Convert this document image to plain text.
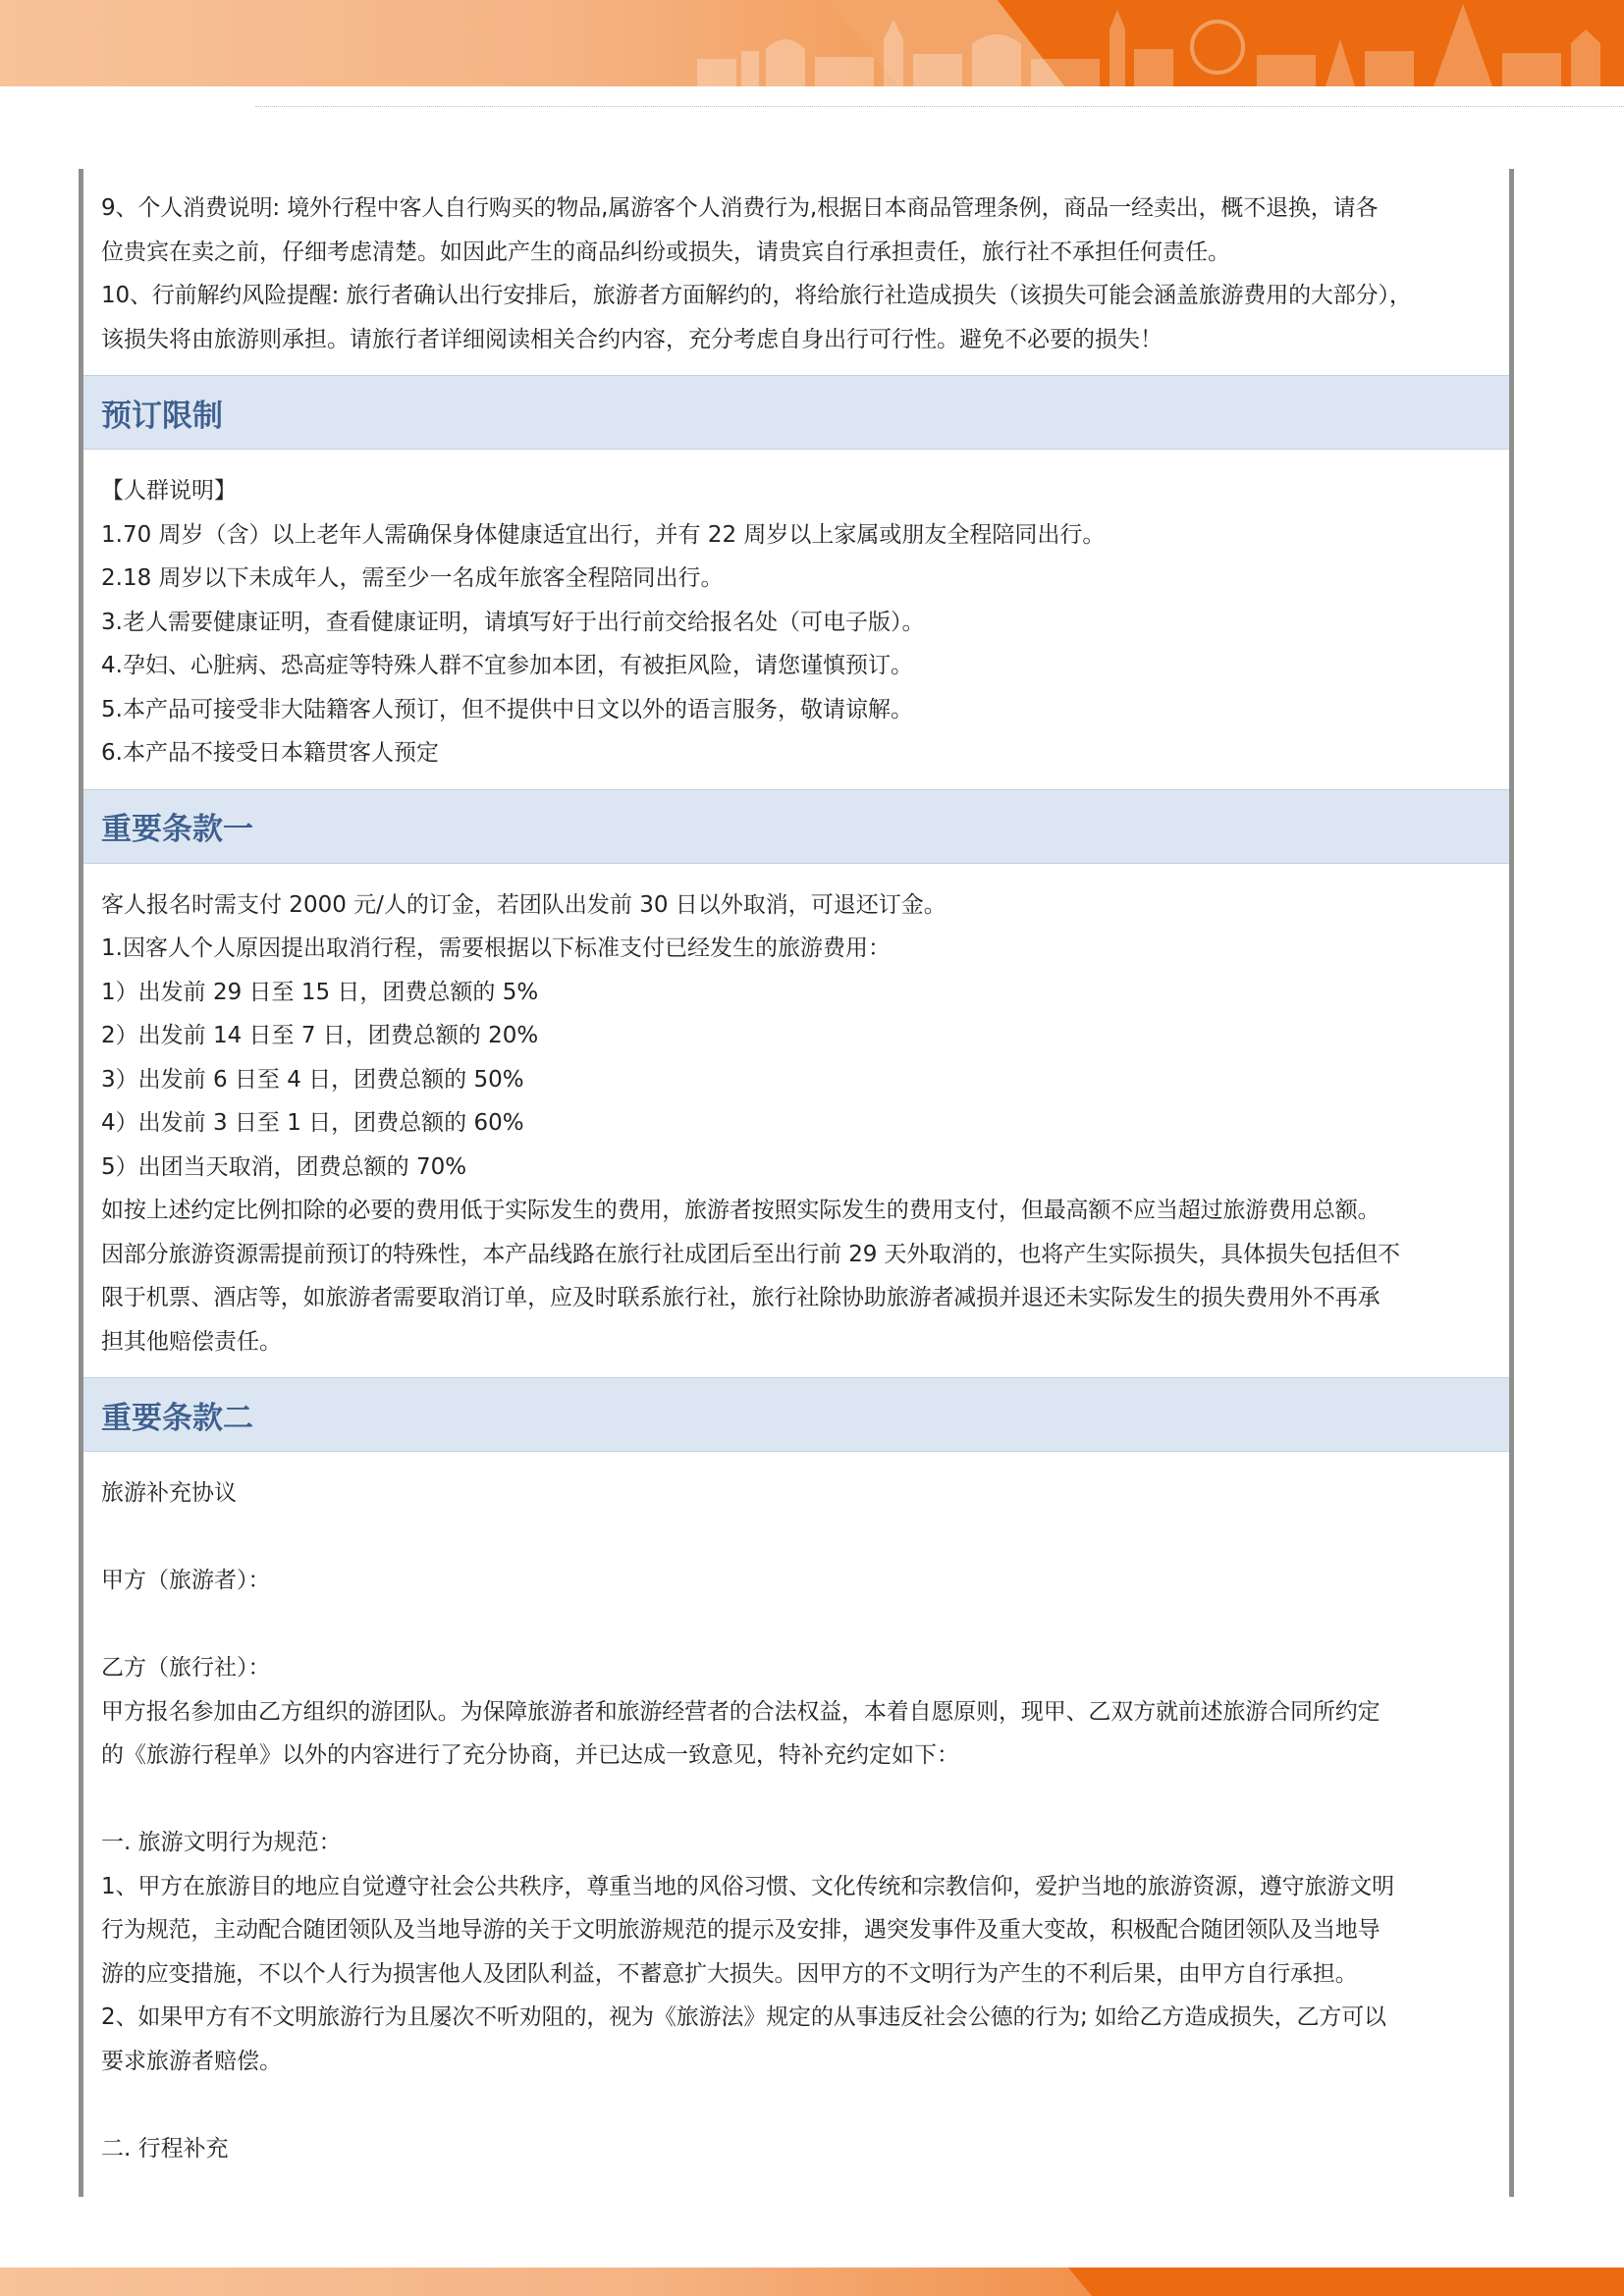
9、个人消费说明: 境外行程中客人自行购买的物品,属游客个人消费行为,根据日本商品管理条例，商品一经卖出，概不退换，请各
位贵宾在卖之前，仔细考虑清楚。如因此产生的商品纠纷或损失，请贵宾自行承担责任，旅行社不承担任何责任。
10、行前解约风险提醒: 旅行者确认出行安排后，旅游者方面解约的，将给旅行社造成损失（该损失可能会涵盖旅游费用的大部分），
该损失将由旅游则承担。请旅行者详细阅读相关合约内容，充分考虑自身出行可行性。避免不必要的损失！
预订限制
【人群说明】
1.70 周岁（含）以上老年人需确保身体健康适宜出行，并有 22 周岁以上家属或朋友全程陪同出行。
2.18 周岁以下未成年人，需至少一名成年旅客全程陪同出行。
3.老人需要健康证明，查看健康证明，请填写好于出行前交给报名处（可电子版）。
4.孕妇、心脏病、恐高症等特殊人群不宜参加本团，有被拒风险，请您谨慎预订。
5.本产品可接受非大陆籍客人预订，但不提供中日文以外的语言服务，敬请谅解。
6.本产品不接受日本籍贯客人预定
重要条款一
客人报名时需支付 2000 元/人的订金，若团队出发前 30 日以外取消，可退还订金。
1.因客人个人原因提出取消行程，需要根据以下标准支付已经发生的旅游费用：
1）出发前 29 日至 15 日，团费总额的 5%
2）出发前 14 日至 7 日，团费总额的 20%
3）出发前 6 日至 4 日，团费总额的 50%
4）出发前 3 日至 1 日，团费总额的 60%
5）出团当天取消，团费总额的 70%
如按上述约定比例扣除的必要的费用低于实际发生的费用，旅游者按照实际发生的费用支付，但最高额不应当超过旅游费用总额。
因部分旅游资源需提前预订的特殊性，本产品线路在旅行社成团后至出行前 29 天外取消的，也将产生实际损失，具体损失包括但不
限于机票、酒店等，如旅游者需要取消订单，应及时联系旅行社，旅行社除协助旅游者减损并退还未实际发生的损失费用外不再承
担其他赔偿责任。
重要条款二
旅游补充协议
甲方（旅游者）：
乙方（旅行社）：
甲方报名参加由乙方组织的游团队。为保障旅游者和旅游经营者的合法权益，本着自愿原则，现甲、乙双方就前述旅游合同所约定
的《旅游行程单》以外的内容进行了充分协商，并已达成一致意见，特补充约定如下：
一. 旅游文明行为规范：
1、甲方在旅游目的地应自觉遵守社会公共秩序，尊重当地的风俗习惯、文化传统和宗教信仰，爱护当地的旅游资源，遵守旅游文明
行为规范，主动配合随团领队及当地导游的关于文明旅游规范的提示及安排，遇突发事件及重大变故，积极配合随团领队及当地导
游的应变措施，不以个人行为损害他人及团队利益，不蓄意扩大损失。因甲方的不文明行为产生的不利后果，由甲方自行承担。
2、如果甲方有不文明旅游行为且屡次不听劝阻的，视为《旅游法》规定的从事违反社会公德的行为; 如给乙方造成损失，乙方可以
要求旅游者赔偿。
二. 行程补充
